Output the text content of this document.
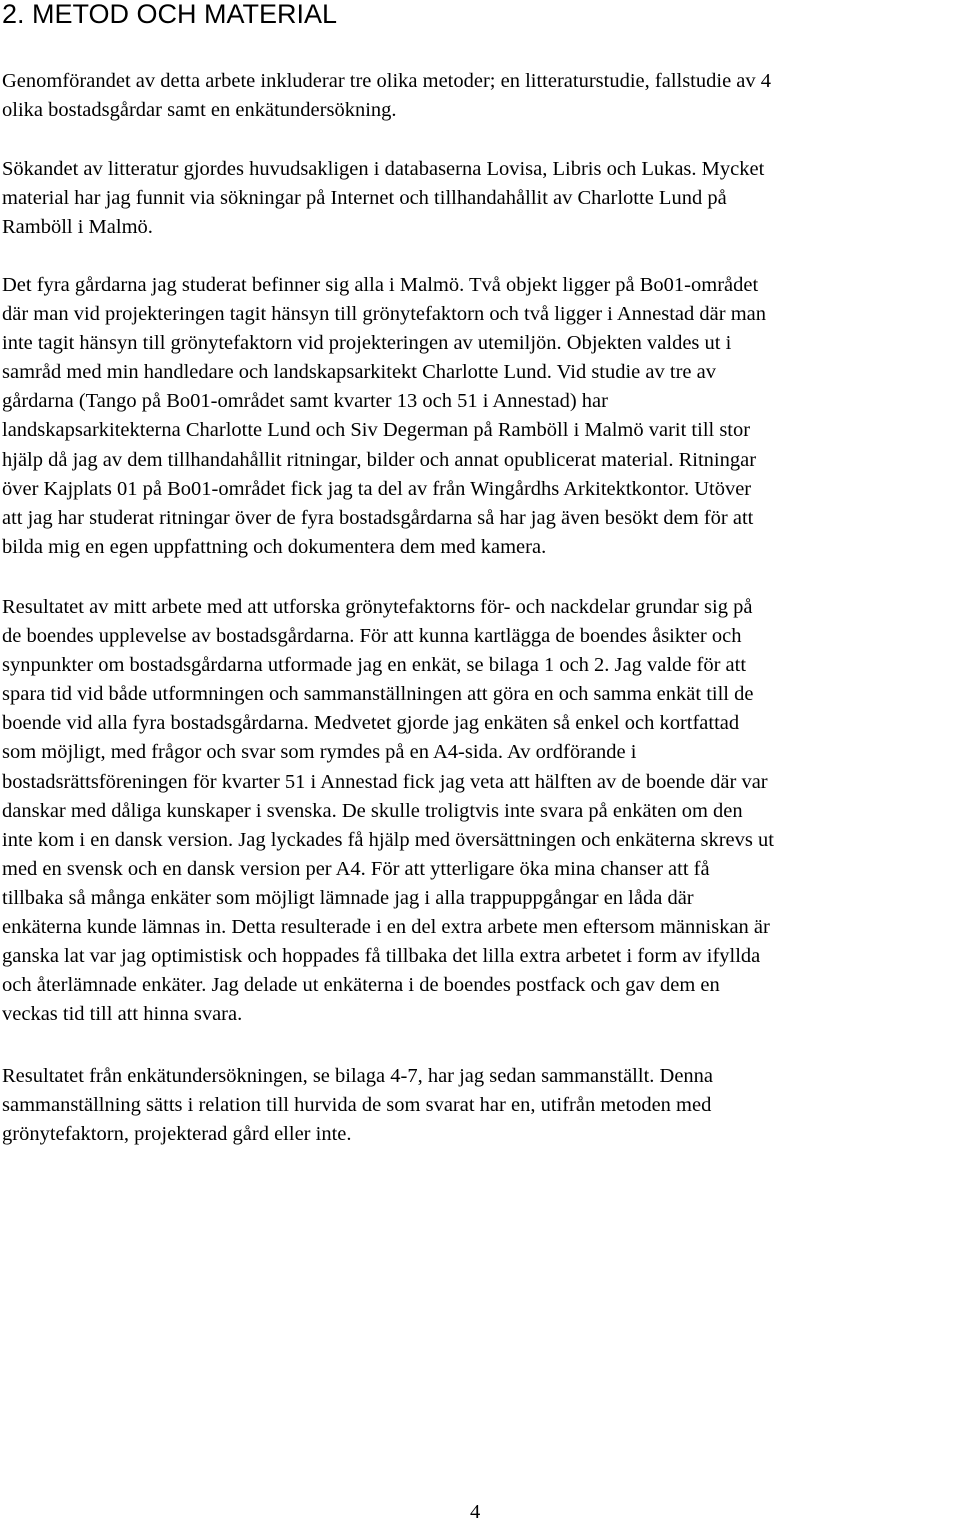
2. METOD OCH MATERIAL

Genomförandet av detta arbete inkluderar tre olika metoder; en litteraturstudie, fallstudie av 4
olika bostadsgårdar samt en enkätundersökning.

Sökandet av litteratur gjordes huvudsakligen i databaserna Lovisa, Libris och Lukas. Mycket
material har jag funnit via sökningar på Internet och tillhandahållit av Charlotte Lund på
Ramböll i Malmö.

Det fyra gårdarna jag studerat befinner sig alla i Malmö. Två objekt ligger på Bo01-området
där man vid projekteringen tagit hänsyn till grönytefaktorn och två ligger i Annestad där man
inte tagit hänsyn till grönytefaktorn vid projekteringen av utemiljön. Objekten valdes ut i
samråd med min handledare och landskapsarkitekt Charlotte Lund. Vid studie av tre av
gårdarna (Tango på Bo01-området samt kvarter 13 och 51 i Annestad) har
landskapsarkitekterna Charlotte Lund och Siv Degerman på Ramböll i Malmö varit till stor
hjälp då jag av dem tillhandahållit ritningar, bilder och annat opublicerat material. Ritningar
över Kajplats 01 på Bo01-området fick jag ta del av från Wingårdhs Arkitektkontor. Utöver
att jag har studerat ritningar över de fyra bostadsgårdarna så har jag även besökt dem för att
bilda mig en egen uppfattning och dokumentera dem med kamera.

Resultatet av mitt arbete med att utforska grönytefaktorns för- och nackdelar grundar sig på
de boendes upplevelse av bostadsgårdarna. För att kunna kartlägga de boendes åsikter och
synpunkter om bostadsgårdarna utformade jag en enkät, se bilaga 1 och 2. Jag valde för att
spara tid vid både utformningen och sammanställningen att göra en och samma enkät till de
boende vid alla fyra bostadsgårdarna. Medvetet gjorde jag enkäten så enkel och kortfattad
som möjligt, med frågor och svar som rymdes på en A4-sida. Av ordförande i
bostadsrättsföreningen för kvarter 51 i Annestad fick jag veta att hälften av de boende där var
danskar med dåliga kunskaper i svenska. De skulle troligtvis inte svara på enkäten om den
inte kom i en dansk version. Jag lyckades få hjälp med översättningen och enkäterna skrevs ut
med en svensk och en dansk version per A4. För att ytterligare öka mina chanser att få
tillbaka så många enkäter som möjligt lämnade jag i alla trappuppgångar en låda där
enkäterna kunde lämnas in. Detta resulterade i en del extra arbete men eftersom människan är
ganska lat var jag optimistisk och hoppades få tillbaka det lilla extra arbetet i form av ifyllda
och återlämnade enkäter. Jag delade ut enkäterna i de boendes postfack och gav dem en
veckas tid till att hinna svara.

Resultatet från enkätundersökningen, se bilaga 4-7, har jag sedan sammanställt. Denna
sammanställning sätts i relation till hurvida de som svarat har en, utifrån metoden med
grönytefaktorn, projekterad gård eller inte.

4
